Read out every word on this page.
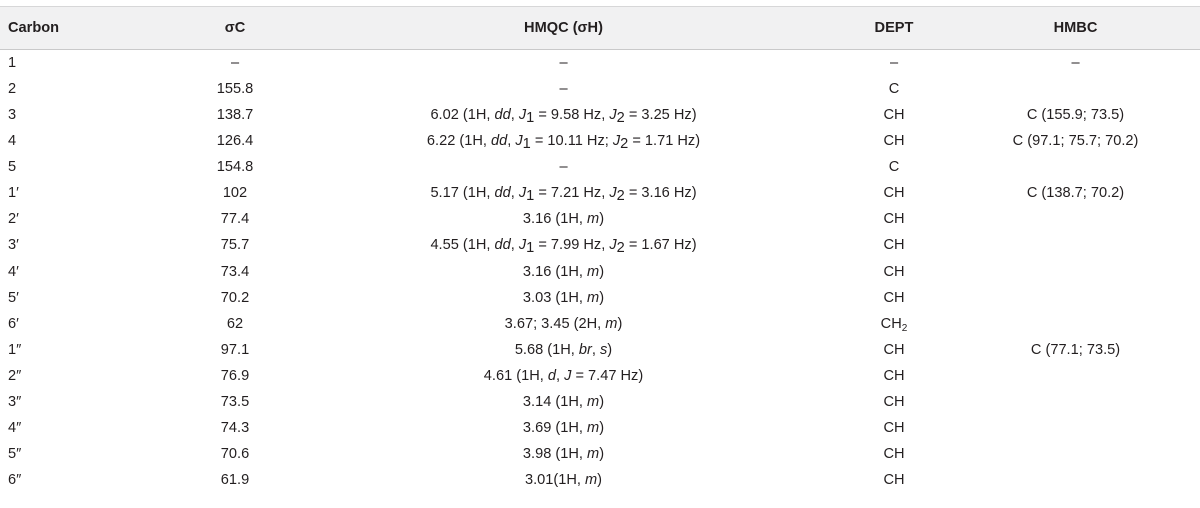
Carbon	σC	HMQC (σH)	DEPT	HMBC
1	–	–	–	–
2	155.8	–	C	
3	138.7	6.02 (1H, dd, $J_1 = 9.58$ Hz, $J_2 = 3.25$ Hz)	CH	C (155.9; 73.5)
4	126.4	6.22 (1H, dd, $J_1 = 10.11$ Hz; $J_2 = 1.71$ Hz)	CH	C (97.1; 75.7; 70.2)
5	154.8	–	C	
1′	102	5.17 (1H, dd, $J_1 = 7.21$ Hz, $J_2 = 3.16$ Hz)	CH	C (138.7; 70.2)
2′	77.4	3.16 (1H, m)	CH	
3′	75.7	4.55 (1H, dd, $J_1 = 7.99$ Hz, $J_2 = 1.67$ Hz)	CH	
4′	73.4	3.16 (1H, m)	CH	
5′	70.2	3.03 (1H, m)	CH	
6′	62	3.67; 3.45 (2H, m)	$CH_2$	
1″	97.1	5.68 (1H, br, s)	CH	C (77.1; 73.5)
2″	76.9	4.61 (1H, d, J = 7.47 Hz)	CH	
3″	73.5	3.14 (1H, m)	CH	
4″	74.3	3.69 (1H, m)	CH	
5″	70.6	3.98 (1H, m)	CH	
6″	61.9	3.01(1H, m)	CH	
